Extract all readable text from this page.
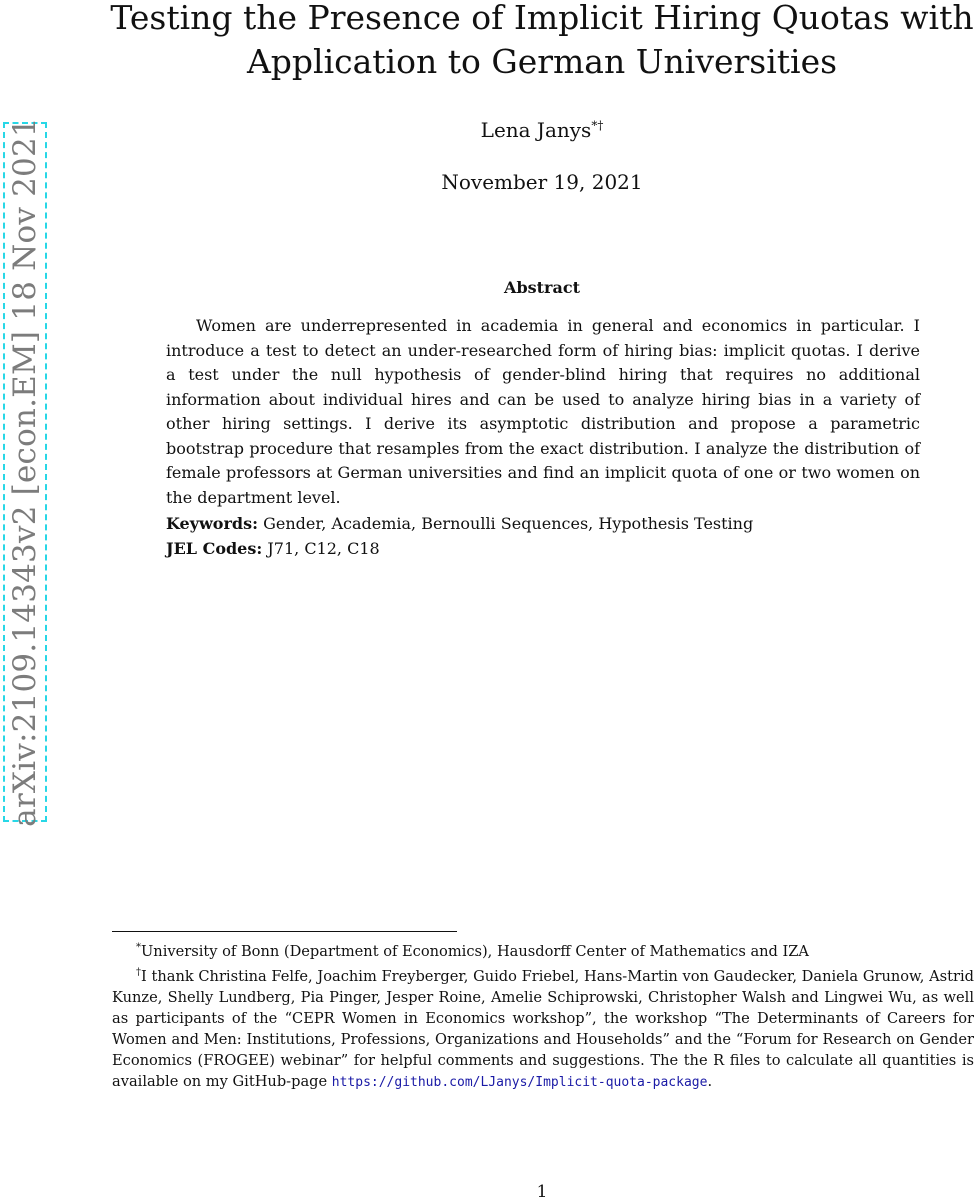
arXiv:2109.14343v2 [econ.EM] 18 Nov 2021
Testing the Presence of Implicit Hiring Quotas with
Application to German Universities
Lena Janys*†
November 19, 2021
Abstract

Women are underrepresented in academia in general and economics in particular. I introduce a test to detect an under-researched form of hiring bias: implicit quotas. I derive a test under the null hypothesis of gender-blind hiring that requires no additional information about individual hires and can be used to analyze hiring bias in a variety of other hiring settings. I derive its asymptotic distribution and propose a parametric bootstrap procedure that resamples from the exact distribution. I analyze the distribution of female professors at German universities and find an implicit quota of one or two women on the department level.

Keywords: Gender, Academia, Bernoulli Sequences, Hypothesis Testing
JEL Codes: J71, C12, C18

*University of Bonn (Department of Economics), Hausdorff Center of Mathematics and IZA

†I thank Christina Felfe, Joachim Freyberger, Guido Friebel, Hans-Martin von Gaudecker, Daniela Grunow, Astrid Kunze, Shelly Lundberg, Pia Pinger, Jesper Roine, Amelie Schiprowski, Christopher Walsh and Lingwei Wu, as well as participants of the “CEPR Women in Economics workshop”, the workshop “The Determinants of Careers for Women and Men: Institutions, Professions, Organizations and Households” and the “Forum for Research on Gender Economics (FROGEE) webinar” for helpful comments and suggestions. The the R files to calculate all quantities is available on my GitHub-page https://github.com/LJanys/Implicit-quota-package.

1
